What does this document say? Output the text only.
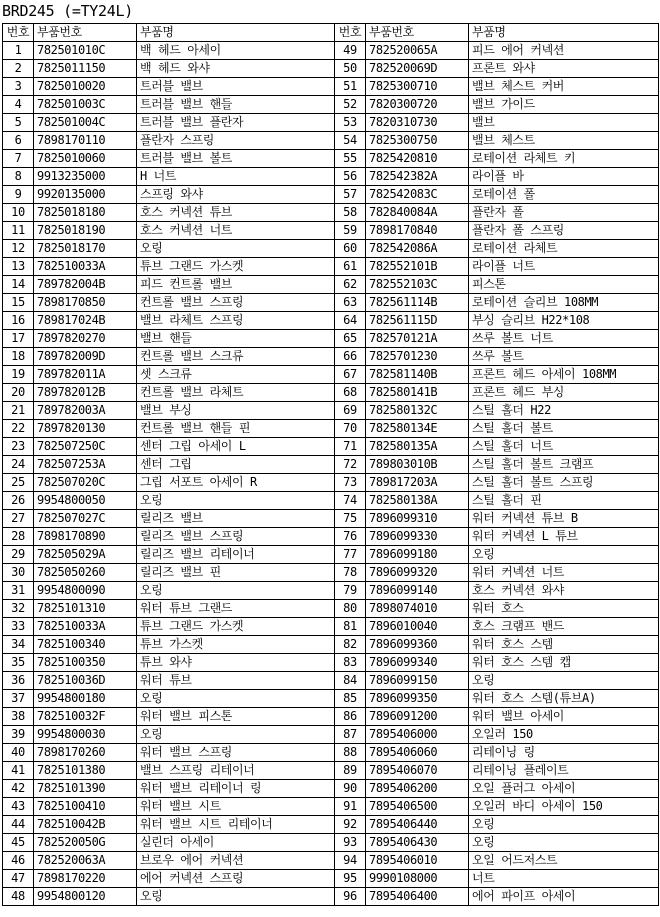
BRD245 (=TY24L)
번호	부품번호	부품명	번호	부품번호	부품명
1	782501010C	백 헤드 아세이	49	782520065A	피드 에어 커넥션
2	7825011150	백 헤드 와샤	50	782520069D	프론트 와샤
3	7825010020	트러블 밸브	51	7825300710	밸브 체스트 커버
4	782501003C	트러블 밸브 핸들	52	7820300720	밸브 가이드
5	782501004C	트러블 밸브 플란자	53	7820310730	밸브
6	7898170110	플란자 스프링	54	7825300750	밸브 체스트
7	7825010060	트러블 밸브 볼트	55	7825420810	로테이션 라체트 키
8	9913235000	H 너트	56	782542382A	라이플 바
9	9920135000	스프링 와샤	57	782542083C	로테이션 폴
10	7825018180	호스 커넥션 튜브	58	782840084A	플란자 폴
11	7825018190	호스 커넥션 너트	59	7898170840	플란자 폴 스프링
12	7825018170	오링	60	782542086A	로테이션 라체트
13	782510033A	튜브 그랜드 가스켓	61	782552101B	라이플 너트
14	789782004B	피드 컨트롤 밸브	62	782552103C	피스톤
15	7898170850	컨트롤 밸브 스프링	63	782561114B	로테이션 슬리브 108MM
16	789817024B	밸브 라체트 스프링	64	782561115D	부싱 슬리브 H22*108
17	7897820270	밸브 핸들	65	782570121A	쓰루 볼트 너트
18	789782009D	컨트롤 밸브 스크류	66	7825701230	쓰루 볼트
19	789782011A	셋 스크류	67	782581140B	프론트 헤드 아세이 108MM
20	789782012B	컨트롤 밸브 라체트	68	782580141B	프론트 헤드 부싱
21	789782003A	밸브 부싱	69	782580132C	스틸 홀더 H22
22	7897820130	컨트롤 밸브 핸들 핀	70	782580134E	스틸 홀더 볼트
23	782507250C	센터 그립 아세이 L	71	782580135A	스틸 홀더 너트
24	782507253A	센터 그립	72	789803010B	스틸 홀더 볼트 크램프
25	782507020C	그립 서포트 아세이 R	73	789817203A	스틸 홀더 볼트 스프링
26	9954800050	오링	74	782580138A	스틸 홀더 핀
27	782507027C	릴리즈 밸브	75	7896099310	워터 커넥션 튜브 B
28	7898170890	릴리즈 밸브 스프링	76	7896099330	워터 커넥션 L 튜브
29	782505029A	릴리즈 밸브 리테이너	77	7896099180	오링
30	7825050260	릴리즈 밸브 핀	78	7896099320	워터 커넥션 너트
31	9954800090	오링	79	7896099140	호스 커넥션 와샤
32	7825101310	워터 튜브 그랜드	80	7898074010	워터 호스
33	782510033A	튜브 그랜드 가스켓	81	7896010040	호스 크램프 밴드
34	7825100340	튜브 가스켓	82	7896099360	워터 호스 스템
35	7825100350	튜브 와샤	83	7896099340	워터 호스 스템 캡
36	782510036D	워터 튜브	84	7896099150	오링
37	9954800180	오링	85	7896099350	워터 호스 스템(튜브A)
38	782510032F	워터 밸브 피스톤	86	7896091200	워터 밸브 아세이
39	9954800030	오링	87	7895406000	오일러 150
40	7898170260	워터 밸브 스프링	88	7895406060	리테이닝 링
41	7825101380	밸브 스프링 리테이너	89	7895406070	리테이닝 플레이트
42	7825101390	워터 밸브 리테이너 링	90	7895406200	오일 플러그 아세이
43	7825100410	워터 밸브 시트	91	7895406500	오일러 바디 아세이 150
44	782510042B	워터 밸브 시트 리테이너	92	7895406440	오링
45	782520050G	실린더 아세이	93	7895406430	오링
46	782520063A	브로우 에어 커넥션	94	7895406010	오일 어드저스트
47	7898170220	에어 커넥션 스프링	95	9990108000	너트
48	9954800120	오링	96	7895406400	에어 파이프 아세이
